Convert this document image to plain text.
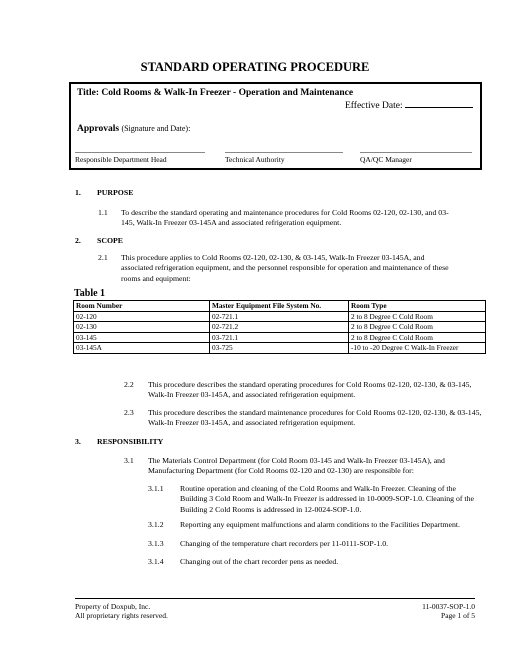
STANDARD OPERATING PROCEDURE
Title: Cold Rooms & Walk-In Freezer - Operation and Maintenance
Effective Date:
Approvals (Signature and Date):
Responsible Department Head	Technical Authority	QA/QC Manager
1. PURPOSE
1.1 To describe the standard operating and maintenance procedures for Cold Rooms 02-120, 02-130, and 03-
145, Walk-In Freezer 03-145A and associated refrigeration equipment.
2. SCOPE
2.1 This procedure applies to Cold Rooms 02-120, 02-130, & 03-145, Walk-In Freezer 03-145A, and
associated refrigeration equipment, and the personnel responsible for operation and maintenance of these
rooms and equipment:
Table 1
Room Number	Master Equipment File System No.	Room Type
02-120	02-721.1	2 to 8 Degree C Cold Room
02-130	02-721.2	2 to 8 Degree C Cold Room
03-145	03-721.1	2 to 8 Degree C Cold Room
03-145A	03-725	-10 to -20 Degree C Walk-In Freezer
2.2 This procedure describes the standard operating procedures for Cold Rooms 02-120, 02-130, & 03-145,
Walk-In Freezer 03-145A, and associated refrigeration equipment.
2.3 This procedure describes the standard maintenance procedures for Cold Rooms 02-120, 02-130, & 03-145,
Walk-In Freezer 03-145A, and associated refrigeration equipment.
3. RESPONSIBILITY
3.1 The Materials Control Department (for Cold Room 03-145 and Walk-In Freezer 03-145A), and
Manufacturing Department (for Cold Rooms 02-120 and 02-130) are responsible for:
3.1.1 Routine operation and cleaning of the Cold Rooms and Walk-In Freezer. Cleaning of the
Building 3 Cold Room and Walk-In Freezer is addressed in 10-0009-SOP-1.0. Cleaning of the
Building 2 Cold Rooms is addressed in 12-0024-SOP-1.0.
3.1.2 Reporting any equipment malfunctions and alarm conditions to the Facilities Department.
3.1.3 Changing of the temperature chart recorders per 11-0111-SOP-1.0.
3.1.4 Changing out of the chart recorder pens as needed.
Property of Doxpub, Inc.
All proprietary rights reserved.
11-0037-SOP-1.0
Page 1 of 5
